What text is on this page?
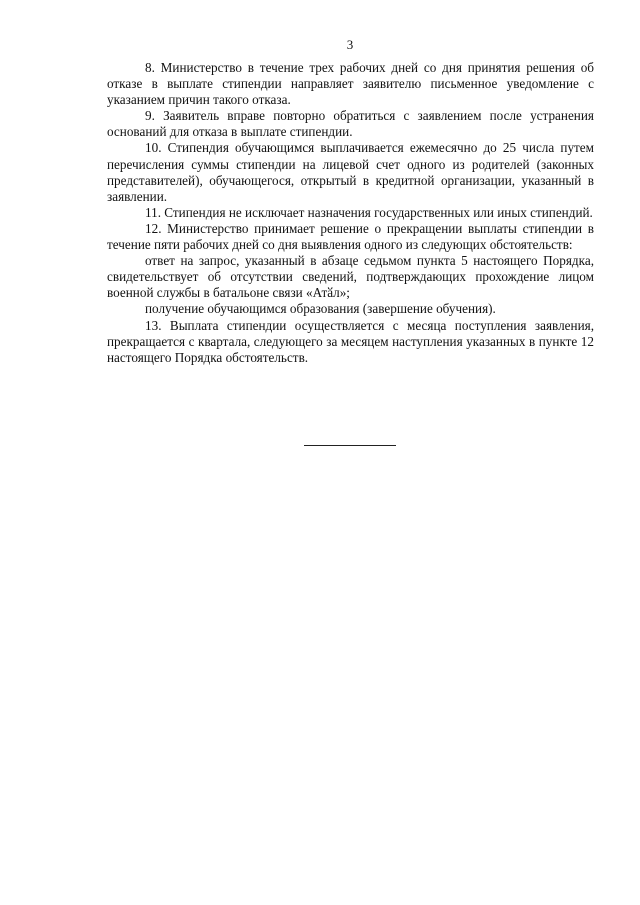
3

8. Министерство в течение трех рабочих дней со дня принятия решения об отказе в выплате стипендии направляет заявителю письменное уведомление с указанием причин такого отказа.

9. Заявитель вправе повторно обратиться с заявлением после устранения оснований для отказа в выплате стипендии.

10. Стипендия обучающимся выплачивается ежемесячно до 25 числа путем перечисления суммы стипендии на лицевой счет одного из родителей (законных представителей), обучающегося, открытый в кредитной организации, указанный в заявлении.

11. Стипендия не исключает назначения государственных или иных стипендий.

12. Министерство принимает решение о прекращении выплаты стипендии в течение пяти рабочих дней со дня выявления одного из следующих обстоятельств:

ответ на запрос, указанный в абзаце седьмом пункта 5 настоящего Порядка, свидетельствует об отсутствии сведений, подтверждающих прохождение лицом военной службы в батальоне связи «Атӑл»;

получение обучающимся образования (завершение обучения).

13. Выплата стипендии осуществляется с месяца поступления заявления, прекращается с квартала, следующего за месяцем наступления указанных в пункте 12 настоящего Порядка обстоятельств.
